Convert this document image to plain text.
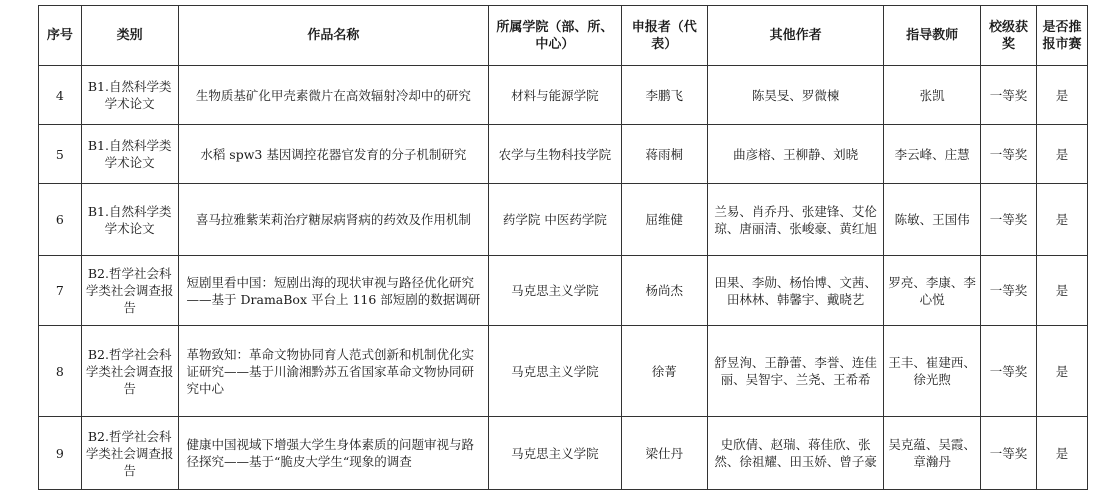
序号	类别	作品名称	所属学院（部、所、中心）	申报者（代表）	其他作者	指导教师	校级获奖	是否推报市赛
4	B1.自然科学类学术论文	生物质基矿化甲壳素微片在高效辐射冷却中的研究	材料与能源学院	李鹏飞	陈昊旻、罗微楝	张凯	一等奖	是
5	B1.自然科学类学术论文	水稻 spw3 基因调控花器官发育的分子机制研究	农学与生物科技学院	蒋雨桐	曲彦榕、王柳静、刘晓	李云峰、庄慧	一等奖	是
6	B1.自然科学类学术论文	喜马拉雅紫茉莉治疗糖尿病肾病的药效及作用机制	药学院 中医药学院	屈维健	兰易、肖乔丹、张建锋、艾伦琼、唐丽清、张峻豪、黄红旭	陈敏、王国伟	一等奖	是
7	B2.哲学社会科学类社会调查报告	短剧里看中国：短剧出海的现状审视与路径优化研究——基于 DramaBox 平台上 116 部短剧的数据调研	马克思主义学院	杨尚杰	田果、李勋、杨怡博、文茜、田林林、韩馨宇、戴晓艺	罗亮、李康、李心悦	一等奖	是
8	B2.哲学社会科学类社会调查报告	革物致知：革命文物协同育人范式创新和机制优化实证研究——基于川渝湘黔苏五省国家革命文物协同研究中心	马克思主义学院	徐菁	舒昱洵、王静蕾、李誉、连佳丽、吴智宇、兰尧、王希希	王丰、崔建西、徐光煦	一等奖	是
9	B2.哲学社会科学类社会调查报告	健康中国视域下增强大学生身体素质的问题审视与路径探究——基于“脆皮大学生“现象的调查	马克思主义学院	梁仕丹	史欣倩、赵瑞、蒋佳欣、张然、徐祖耀、田玉娇、曾子豪	吴克蕴、吴霞、章瀚丹	一等奖	是
